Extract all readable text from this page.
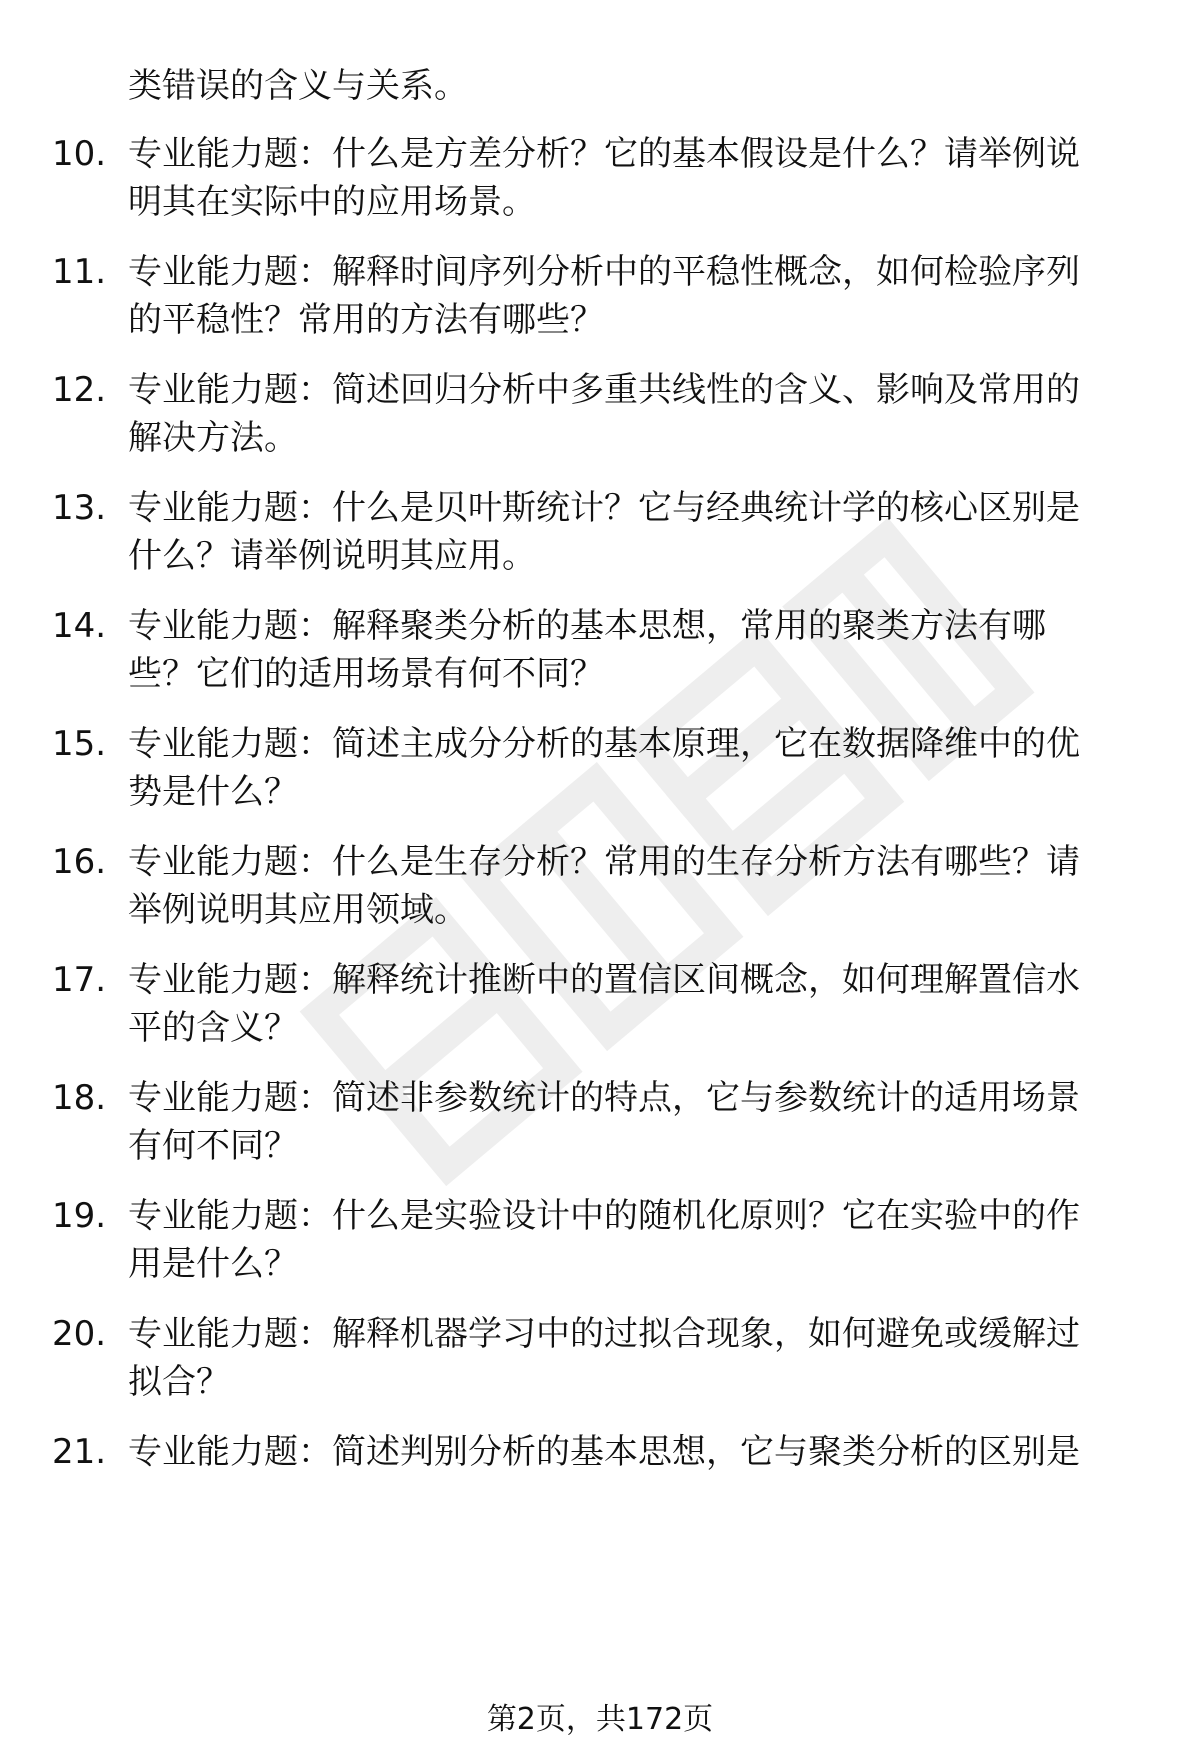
类错误的含义与关系。
10. 专业能力题：什么是方差分析？它的基本假设是什么？请举例说
明其在实际中的应用场景。
11. 专业能力题：解释时间序列分析中的平稳性概念，如何检验序列
的平稳性？常用的方法有哪些？
12. 专业能力题：简述回归分析中多重共线性的含义、影响及常用的
解决方法。
13. 专业能力题：什么是贝叶斯统计？它与经典统计学的核心区别是
什么？请举例说明其应用。
14. 专业能力题：解释聚类分析的基本思想，常用的聚类方法有哪
些？它们的适用场景有何不同？
15. 专业能力题：简述主成分分析的基本原理，它在数据降维中的优
势是什么？
16. 专业能力题：什么是生存分析？常用的生存分析方法有哪些？请
举例说明其应用领域。
17. 专业能力题：解释统计推断中的置信区间概念，如何理解置信水
平的含义？
18. 专业能力题：简述非参数统计的特点，它与参数统计的适用场景
有何不同？
19. 专业能力题：什么是实验设计中的随机化原则？它在实验中的作
用是什么？
20. 专业能力题：解释机器学习中的过拟合现象，如何避免或缓解过
拟合？
21. 专业能力题：简述判别分析的基本思想，它与聚类分析的区别是
第2页，共172页
